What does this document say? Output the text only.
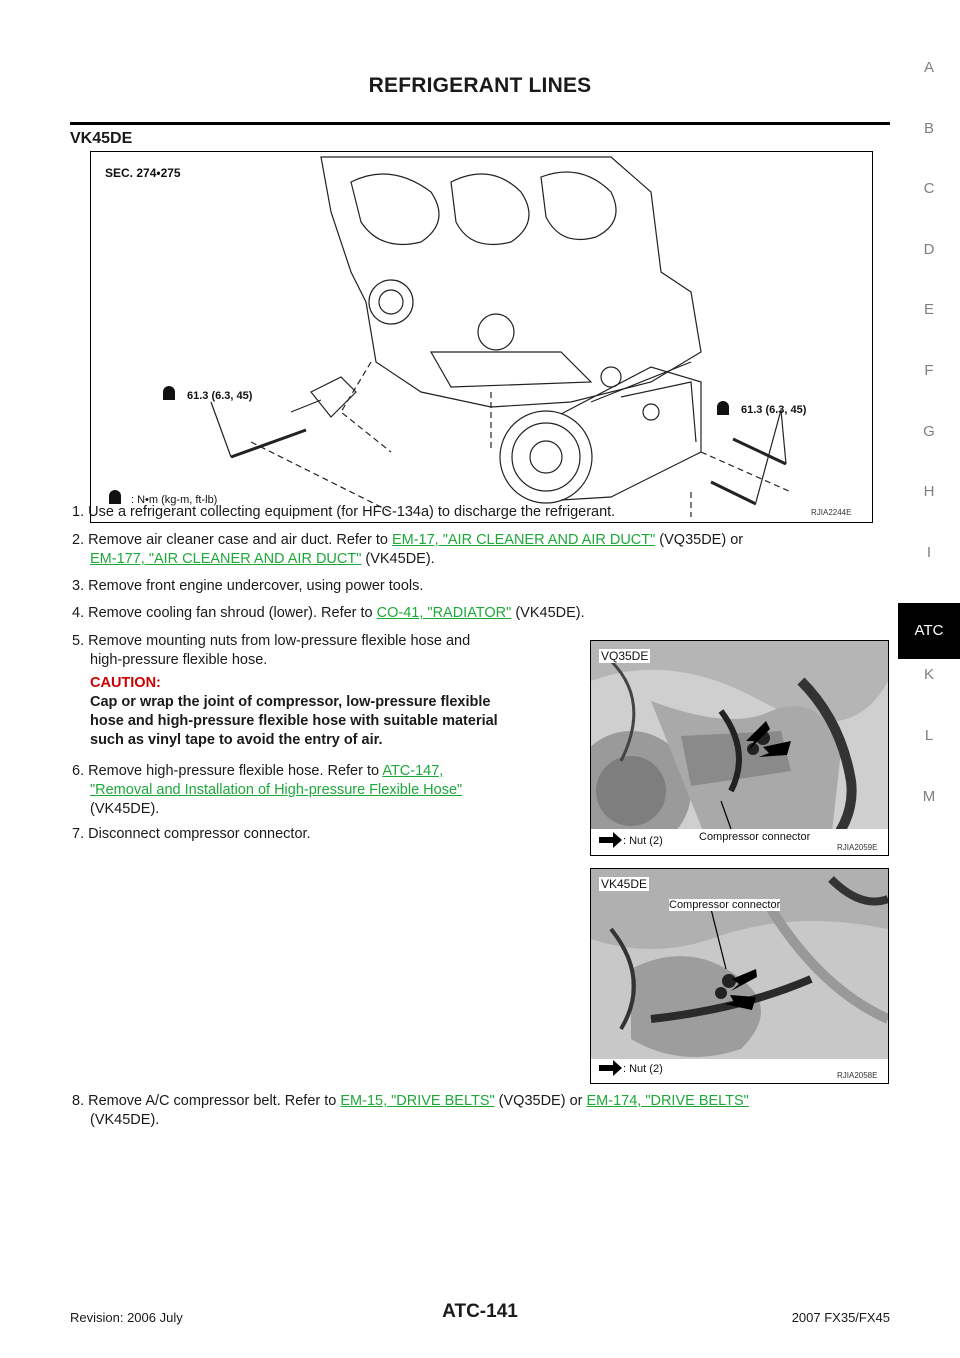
REFRIGERANT LINES
A
B
C
D
E
F
G
H
I
ATC
K
L
M
VK45DE
SEC. 274•275
61.3 (6.3, 45)
61.3 (6.3, 45)
: N•m (kg-m, ft-lb)
RJIA2244E
1. Use a refrigerant collecting equipment (for HFC-134a) to discharge the refrigerant.
2. Remove air cleaner case and air duct. Refer to EM-17, "AIR CLEANER AND AIR DUCT" (VQ35DE) or
EM-177, "AIR CLEANER AND AIR DUCT" (VK45DE).
3. Remove front engine undercover, using power tools.
4. Remove cooling fan shroud (lower). Refer to CO-41, "RADIATOR" (VK45DE).
5. Remove mounting nuts from low-pressure flexible hose and
high-pressure flexible hose.
CAUTION:
Cap or wrap the joint of compressor, low-pressure flexible
hose and high-pressure flexible hose with suitable material
such as vinyl tape to avoid the entry of air.
6. Remove high-pressure flexible hose. Refer to ATC-147,
"Removal and Installation of High-pressure Flexible Hose"
(VK45DE).
7. Disconnect compressor connector.
VQ35DE
: Nut (2)	Compressor connector
RJIA2059E
VK45DE
Compressor connector
: Nut (2)
RJIA2058E
8. Remove A/C compressor belt. Refer to EM-15, "DRIVE BELTS" (VQ35DE) or EM-174, "DRIVE BELTS"
(VK45DE).
Revision: 2006 July	ATC-141	2007 FX35/FX45
